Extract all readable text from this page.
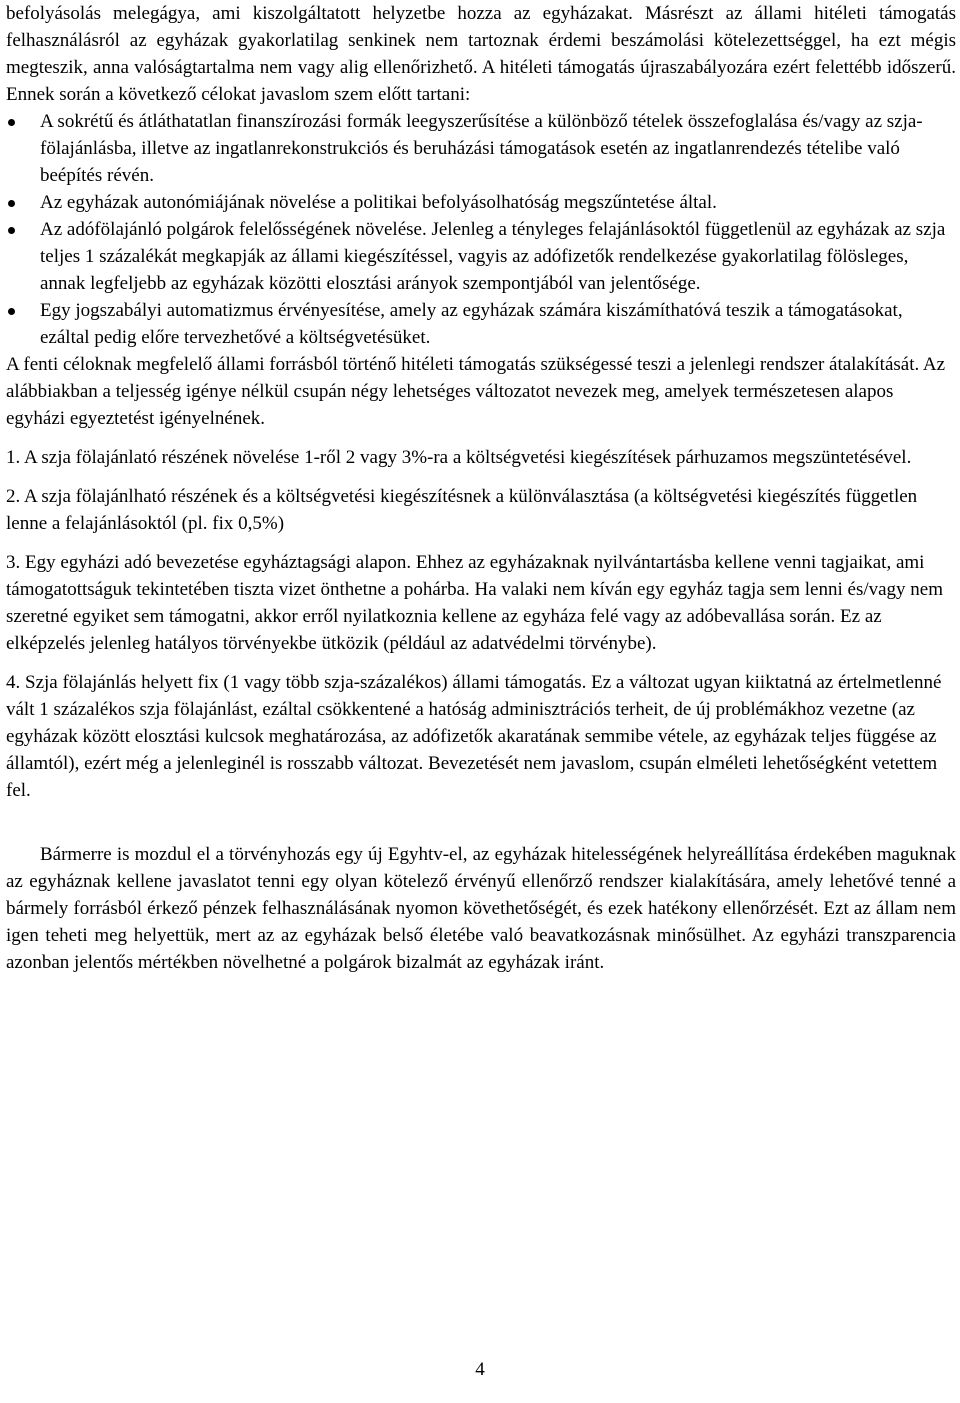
befolyásolás melegágya, ami kiszolgáltatott helyzetbe hozza az egyházakat. Másrészt az állami hitéleti támogatás felhasználásról az egyházak gyakorlatilag senkinek nem tartoznak érdemi beszámolási kötelezettséggel, ha ezt mégis megteszik, anna valóságtartalma nem vagy alig ellenőrizhető. A hitéleti támogatás újraszabályozára ezért felettébb időszerű. Ennek során a következő célokat javaslom szem előtt tartani:

A sokrétű és átláthatatlan finanszírozási formák leegyszerűsítése a különböző tételek összefoglalása és/vagy az szja-fölajánlásba, illetve az ingatlanrekonstrukciós és beruházási támogatások esetén az ingatlanrendezés tételibe való beépítés révén.
Az egyházak autonómiájának növelése a politikai befolyásolhatóság megszűntetése által.
Az adófölajánló polgárok felelősségének növelése. Jelenleg a tényleges felajánlásoktól függetlenül az egyházak az szja teljes 1 százalékát megkapják az állami kiegészítéssel, vagyis az adófizetők rendelkezése gyakorlatilag fölösleges, annak legfeljebb az egyházak közötti elosztási arányok szempontjából van jelentősége.
Egy jogszabályi automatizmus érvényesítése, amely az egyházak számára kiszámíthatóvá teszik a támogatásokat, ezáltal pedig előre tervezhetővé a költségvetésüket.

A fenti céloknak megfelelő állami forrásból történő hitéleti támogatás szükségessé teszi a jelenlegi rendszer átalakítását. Az alábbiakban a teljesség igénye nélkül csupán négy lehetséges változatot nevezek meg, amelyek természetesen alapos egyházi egyeztetést igényelnének.

1. A szja fölajánlató részének növelése 1-ről 2 vagy 3%-ra a költségvetési kiegészítések párhuzamos megszüntetésével.

2. A szja fölajánlható részének és a költségvetési kiegészítésnek a különválasztása (a költségvetési kiegészítés független lenne a felajánlásoktól (pl. fix 0,5%)

3. Egy egyházi adó bevezetése egyháztagsági alapon. Ehhez az egyházaknak nyilvántartásba kellene venni tagjaikat, ami támogatottságuk tekintetében tiszta vizet önthetne a pohárba. Ha valaki nem kíván egy egyház tagja sem lenni és/vagy nem szeretné egyiket sem támogatni, akkor erről nyilatkoznia kellene az egyháza felé vagy az adóbevallása során. Ez az elképzelés jelenleg hatályos törvényekbe ütközik (például az adatvédelmi törvénybe).

4. Szja fölajánlás helyett fix (1 vagy több szja-százalékos) állami támogatás. Ez a változat ugyan kiiktatná az értelmetlenné vált 1 százalékos szja fölajánlást, ezáltal csökkentené a hatóság adminisztrációs terheit, de új problémákhoz vezetne (az egyházak között elosztási kulcsok meghatározása, az adófizetők akaratának semmibe vétele, az egyházak teljes függése az államtól), ezért még a jelenleginél is rosszabb változat. Bevezetését nem javaslom, csupán elméleti lehetőségként vetettem fel.

Bármerre is mozdul el a törvényhozás egy új Egyhtv-el, az egyházak hitelességének helyreállítása érdekében maguknak az egyháznak kellene javaslatot tenni egy olyan kötelező érvényű ellenőrző rendszer kialakítására, amely lehetővé tenné a bármely forrásból érkező pénzek felhasználásának nyomon követhetőségét, és ezek hatékony ellenőrzését. Ezt az állam nem igen teheti meg helyettük, mert az az egyházak belső életébe való beavatkozásnak minősülhet. Az egyházi transzparencia azonban jelentős mértékben növelhetné a polgárok bizalmát az egyházak iránt.

4
